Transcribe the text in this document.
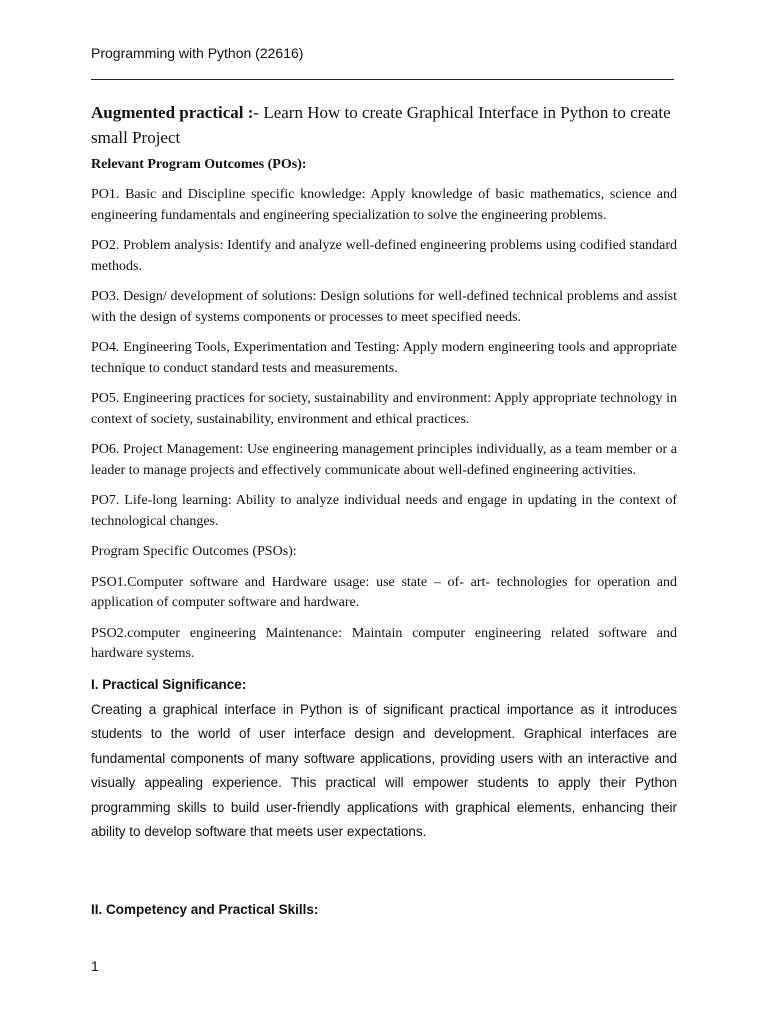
Programming with Python (22616)

Augmented practical :- Learn How to create Graphical Interface in Python to create small Project

Relevant Program Outcomes (POs):

PO1. Basic and Discipline specific knowledge: Apply knowledge of basic mathematics, science and engineering fundamentals and engineering specialization to solve the engineering problems.

PO2. Problem analysis: Identify and analyze well-defined engineering problems using codified standard methods.

PO3. Design/ development of solutions: Design solutions for well-defined technical problems and assist with the design of systems components or processes to meet specified needs.

PO4. Engineering Tools, Experimentation and Testing: Apply modern engineering tools and appropriate technique to conduct standard tests and measurements.

PO5. Engineering practices for society, sustainability and environment: Apply appropriate technology in context of society, sustainability, environment and ethical practices.

PO6. Project Management: Use engineering management principles individually, as a team member or a leader to manage projects and effectively communicate about well-defined engineering activities.

PO7. Life-long learning: Ability to analyze individual needs and engage in updating in the context of technological changes.

Program Specific Outcomes (PSOs):

PSO1.Computer software and Hardware usage: use state – of- art- technologies for operation and application of computer software and hardware.

PSO2.computer engineering Maintenance: Maintain computer engineering related software and hardware systems.

I. Practical Significance:

Creating a graphical interface in Python is of significant practical importance as it introduces students to the world of user interface design and development. Graphical interfaces are fundamental components of many software applications, providing users with an interactive and visually appealing experience. This practical will empower students to apply their Python programming skills to build user-friendly applications with graphical elements, enhancing their ability to develop software that meets user expectations.

II. Competency and Practical Skills:

1
